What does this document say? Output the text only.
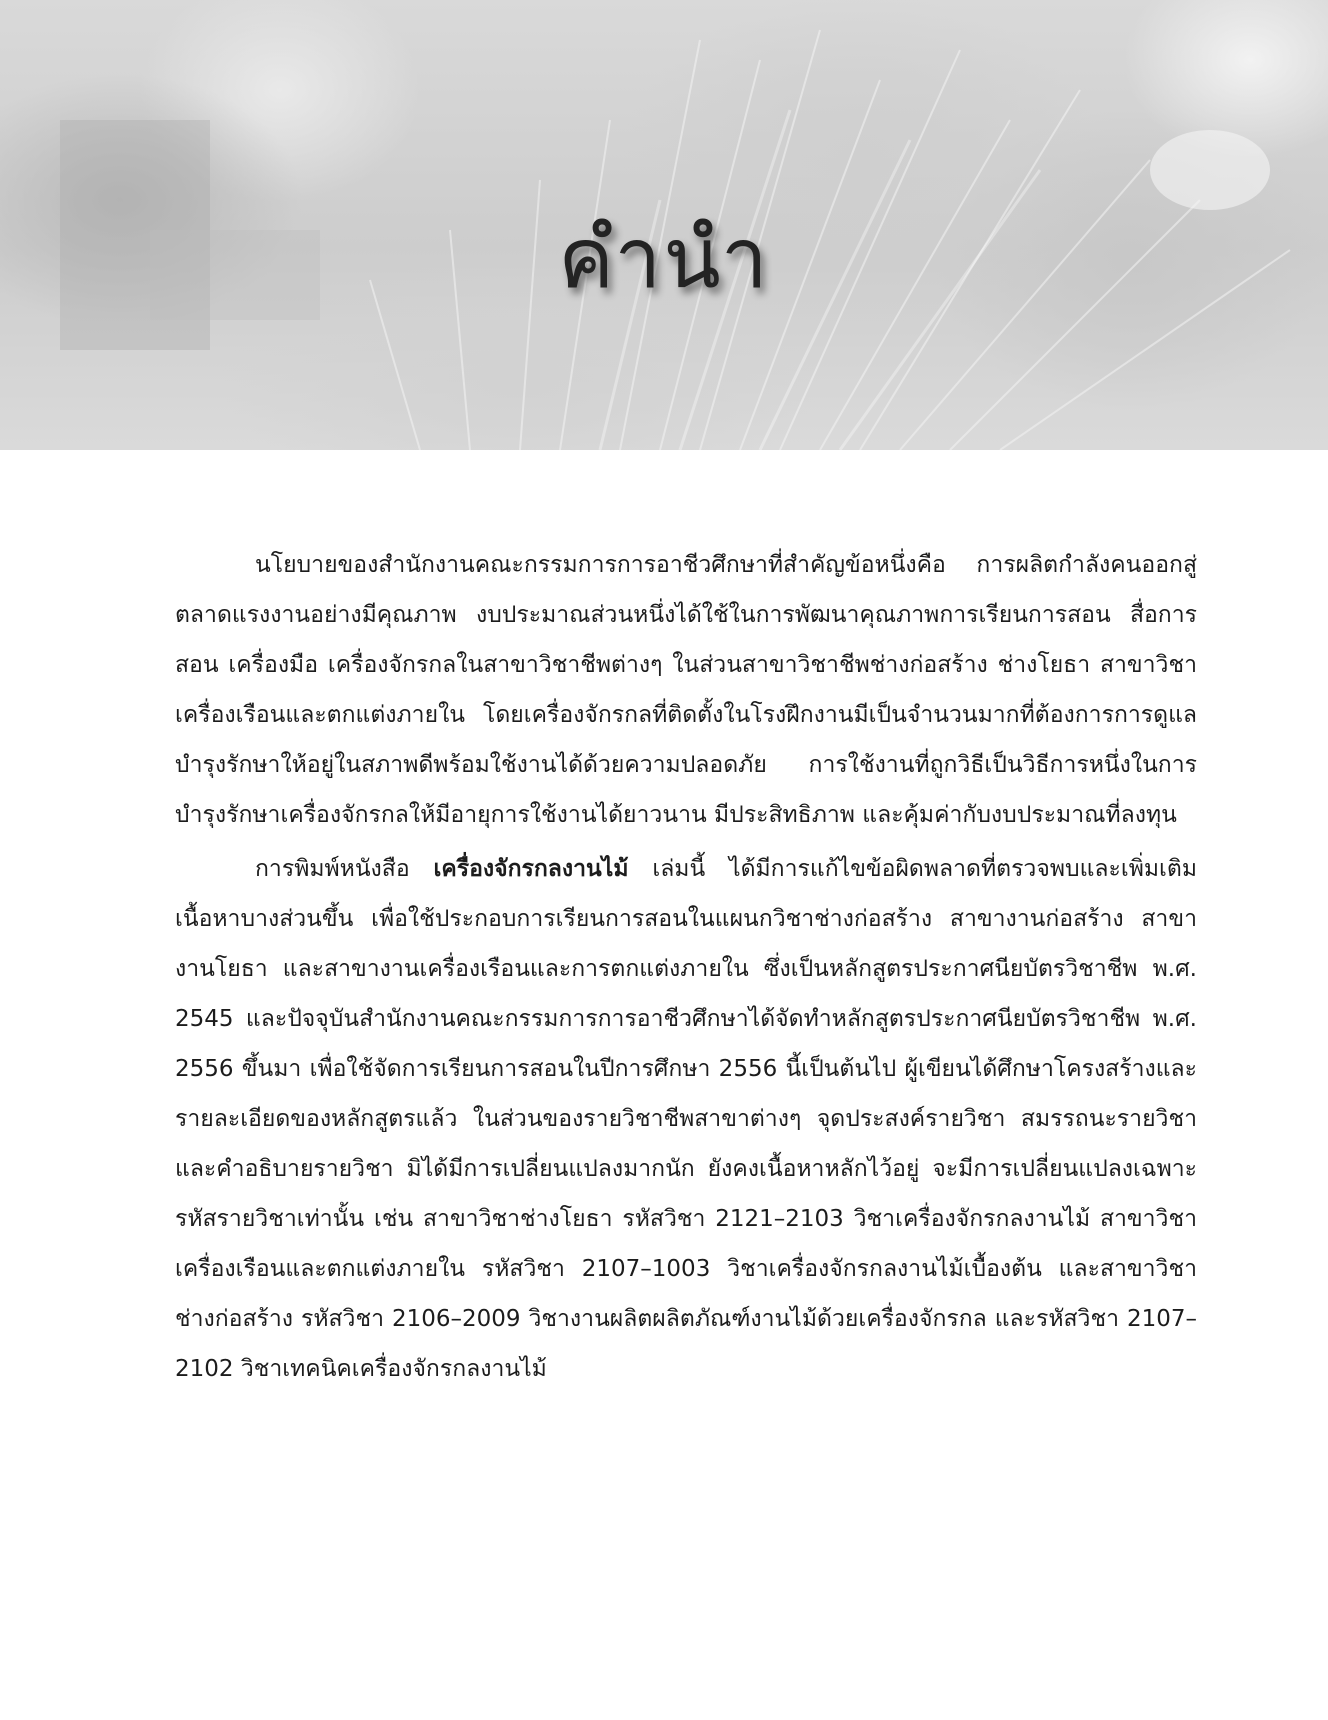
คำนำ

นโยบายของสำนักงานคณะกรรมการการอาชีวศึกษาที่สำคัญข้อหนึ่งคือ การผลิตกำลังคนออกสู่ตลาดแรงงานอย่างมีคุณภาพ งบประมาณส่วนหนึ่งได้ใช้ในการพัฒนาคุณภาพการเรียนการสอน สื่อการสอน เครื่องมือ เครื่องจักรกลในสาขาวิชาชีพต่างๆ ในส่วนสาขาวิชาชีพช่างก่อสร้าง ช่างโยธา สาขาวิชาเครื่องเรือนและตกแต่งภายใน โดยเครื่องจักรกลที่ติดตั้งในโรงฝึกงานมีเป็นจำนวนมากที่ต้องการการดูแลบำรุงรักษาให้อยู่ในสภาพดีพร้อมใช้งานได้ด้วยความปลอดภัย การใช้งานที่ถูกวิธีเป็นวิธีการหนึ่งในการบำรุงรักษาเครื่องจักรกลให้มีอายุการใช้งานได้ยาวนาน มีประสิทธิภาพ และคุ้มค่ากับงบประมาณที่ลงทุน

การพิมพ์หนังสือ เครื่องจักรกลงานไม้ เล่มนี้ ได้มีการแก้ไขข้อผิดพลาดที่ตรวจพบและเพิ่มเติมเนื้อหาบางส่วนขึ้น เพื่อใช้ประกอบการเรียนการสอนในแผนกวิชาช่างก่อสร้าง สาขางานก่อสร้าง สาขางานโยธา และสาขางานเครื่องเรือนและการตกแต่งภายใน ซึ่งเป็นหลักสูตรประกาศนียบัตรวิชาชีพ พ.ศ. 2545 และปัจจุบันสำนักงานคณะกรรมการการอาชีวศึกษาได้จัดทำหลักสูตรประกาศนียบัตรวิชาชีพ พ.ศ. 2556 ขึ้นมา เพื่อใช้จัดการเรียนการสอนในปีการศึกษา 2556 นี้เป็นต้นไป ผู้เขียนได้ศึกษาโครงสร้างและรายละเอียดของหลักสูตรแล้ว ในส่วนของรายวิชาชีพสาขาต่างๆ จุดประสงค์รายวิชา สมรรถนะรายวิชา และคำอธิบายรายวิชา มิได้มีการเปลี่ยนแปลงมากนัก ยังคงเนื้อหาหลักไว้อยู่ จะมีการเปลี่ยนแปลงเฉพาะรหัสรายวิชาเท่านั้น เช่น สาขาวิชาช่างโยธา รหัสวิชา 2121–2103 วิชาเครื่องจักรกลงานไม้ สาขาวิชาเครื่องเรือนและตกแต่งภายใน รหัสวิชา 2107–1003 วิชาเครื่องจักรกลงานไม้เบื้องต้น และสาขาวิชาช่างก่อสร้าง รหัสวิชา 2106–2009 วิชางานผลิตผลิตภัณฑ์งานไม้ด้วยเครื่องจักรกล และรหัสวิชา 2107–2102 วิชาเทคนิคเครื่องจักรกลงานไม้
